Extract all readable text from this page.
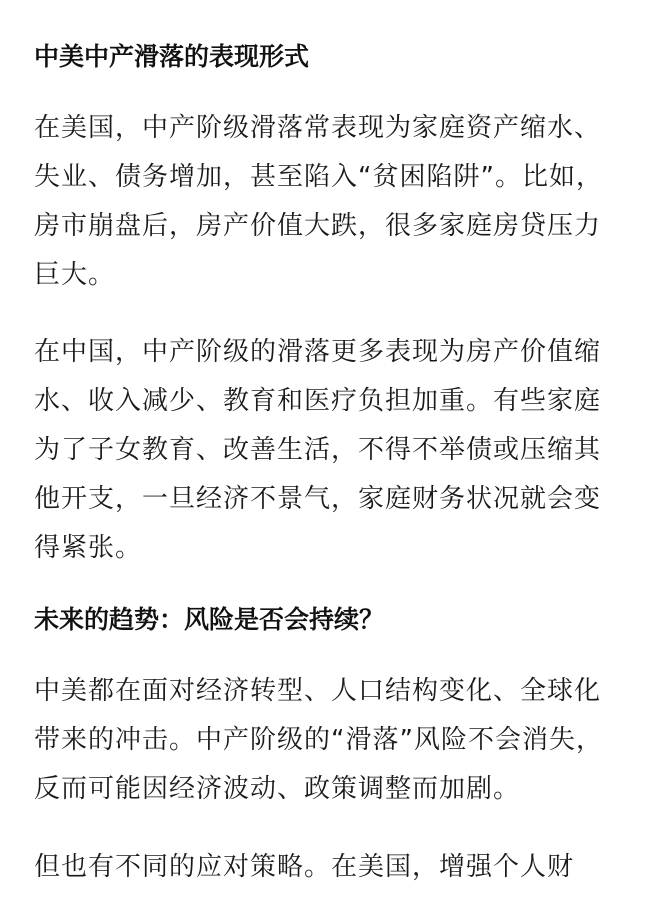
中美中产滑落的表现形式

在美国，中产阶级滑落常表现为家庭资产缩水、失业、债务增加，甚至陷入“贫困陷阱”。比如，房市崩盘后，房产价值大跌，很多家庭房贷压力巨大。

在中国，中产阶级的滑落更多表现为房产价值缩水、收入减少、教育和医疗负担加重。有些家庭为了子女教育、改善生活，不得不举债或压缩其他开支，一旦经济不景气，家庭财务状况就会变得紧张。

未来的趋势：风险是否会持续？

中美都在面对经济转型、人口结构变化、全球化带来的冲击。中产阶级的“滑落”风险不会消失，反而可能因经济波动、政策调整而加剧。

但也有不同的应对策略。在美国，增强个人财
